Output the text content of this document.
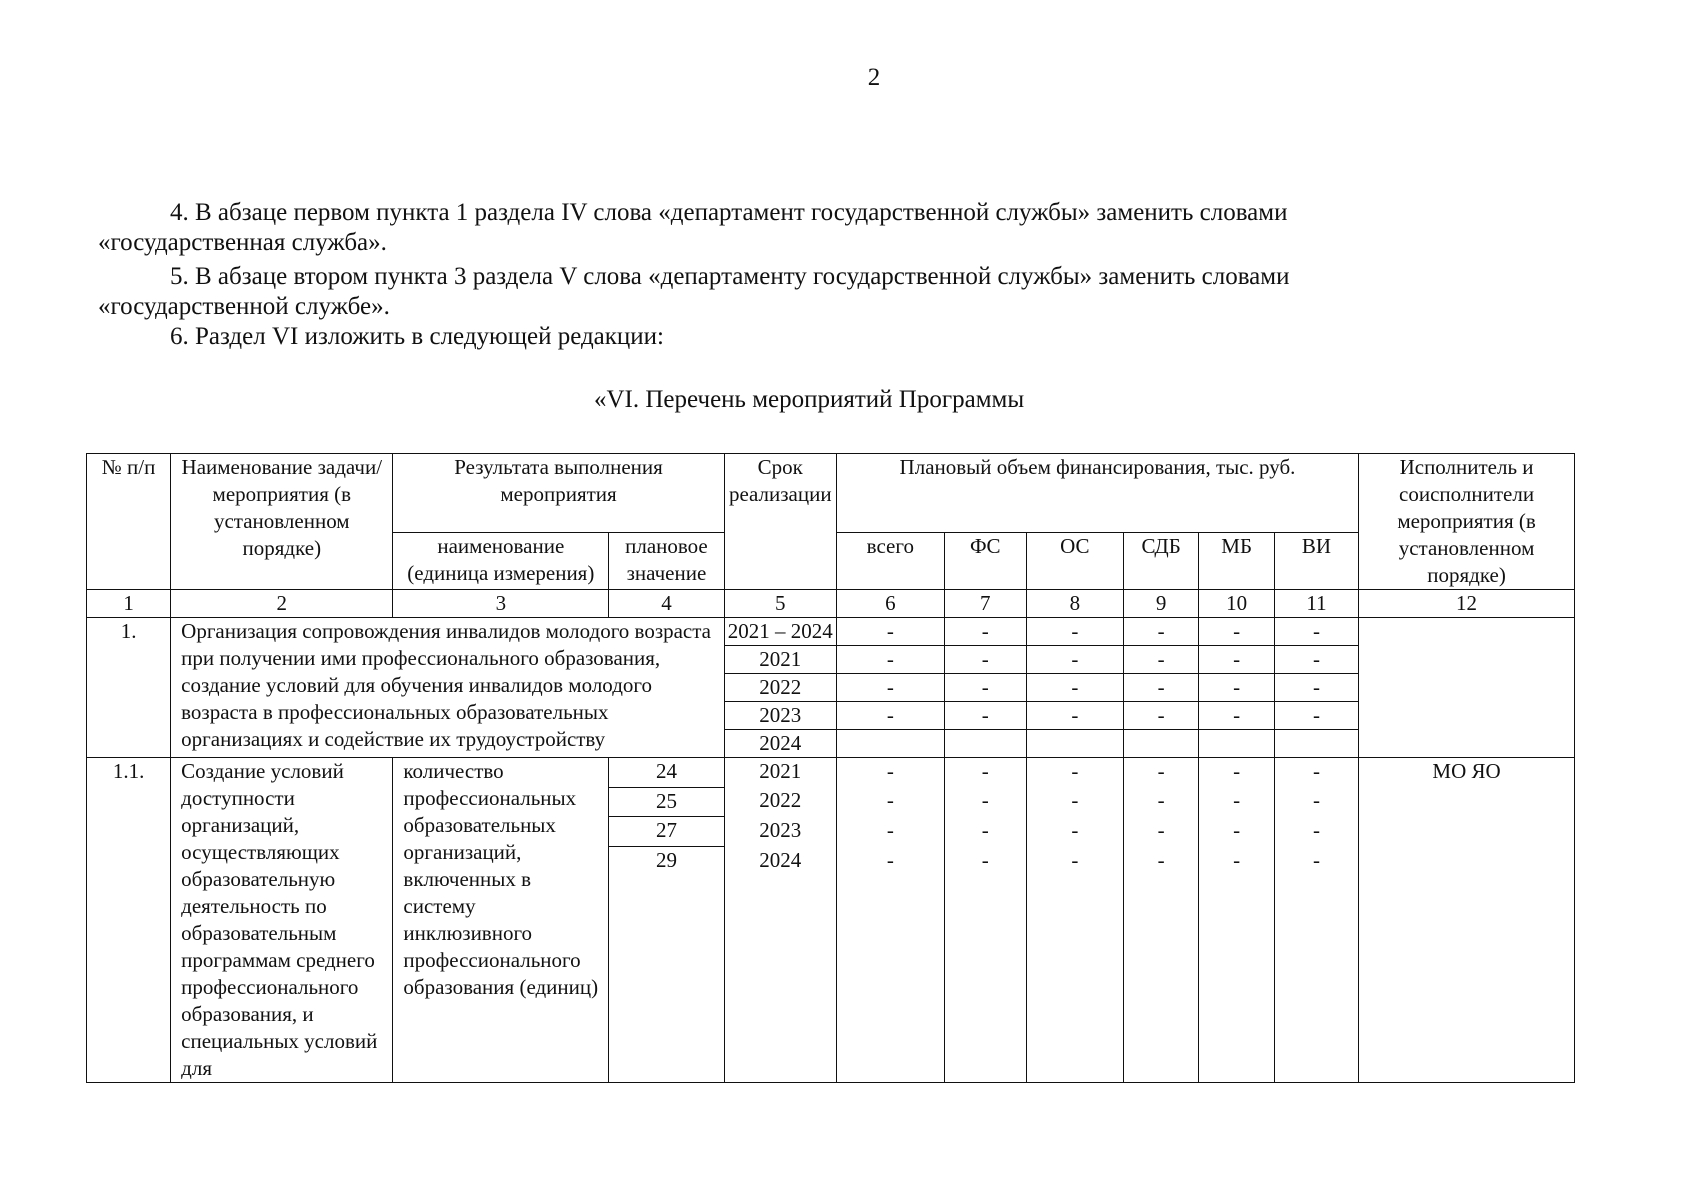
2
4. В абзаце первом пункта 1 раздела IV слова «департамент государственной службы» заменить словами
«государственная служба».
5. В абзаце втором пункта 3 раздела V слова «департаменту государственной службы» заменить словами
«государственной службе».
6. Раздел VI изложить в следующей редакции:
«VI. Перечень мероприятий Программы
№ п/п	Наименование задачи/мероприятия (в установленном порядке)	Результата выполнения мероприятия		Срок реализации	Плановый объем финансирования, тыс. руб.						Исполнитель и соисполнители мероприятия (в установленном порядке)
		наименование (единица измерения)	плановое значение		всего	ФС	ОС	СДБ	МБ	ВИ	
1	2	3	4	5	6	7	8	9	10	11	12
1.	Организация сопровождения инвалидов молодого возраста при получении ими профессионального образования, создание условий для обучения инвалидов молодого возраста в профессиональных образовательных организациях и содействие их трудоустройству			2021 – 2024	-	-	-	-	-	-	
				2021	-	-	-	-	-	-	
				2022	-	-	-	-	-	-	
				2023	-	-	-	-	-	-	
				2024							
1.1.	Создание условий доступности организаций, осуществляющих образовательную деятельность по образовательным программам среднего профессионального образования, и специальных условий для	количество профессиональных образовательных организаций, включенных в систему инклюзивного профессионального образования (единиц)	24	2021	-	-	-	-	-	-	МО ЯО
			25	2022	-	-	-	-	-	-	
			27	2023	-	-	-	-	-	-	
			29	2024	-	-	-	-	-	-	
